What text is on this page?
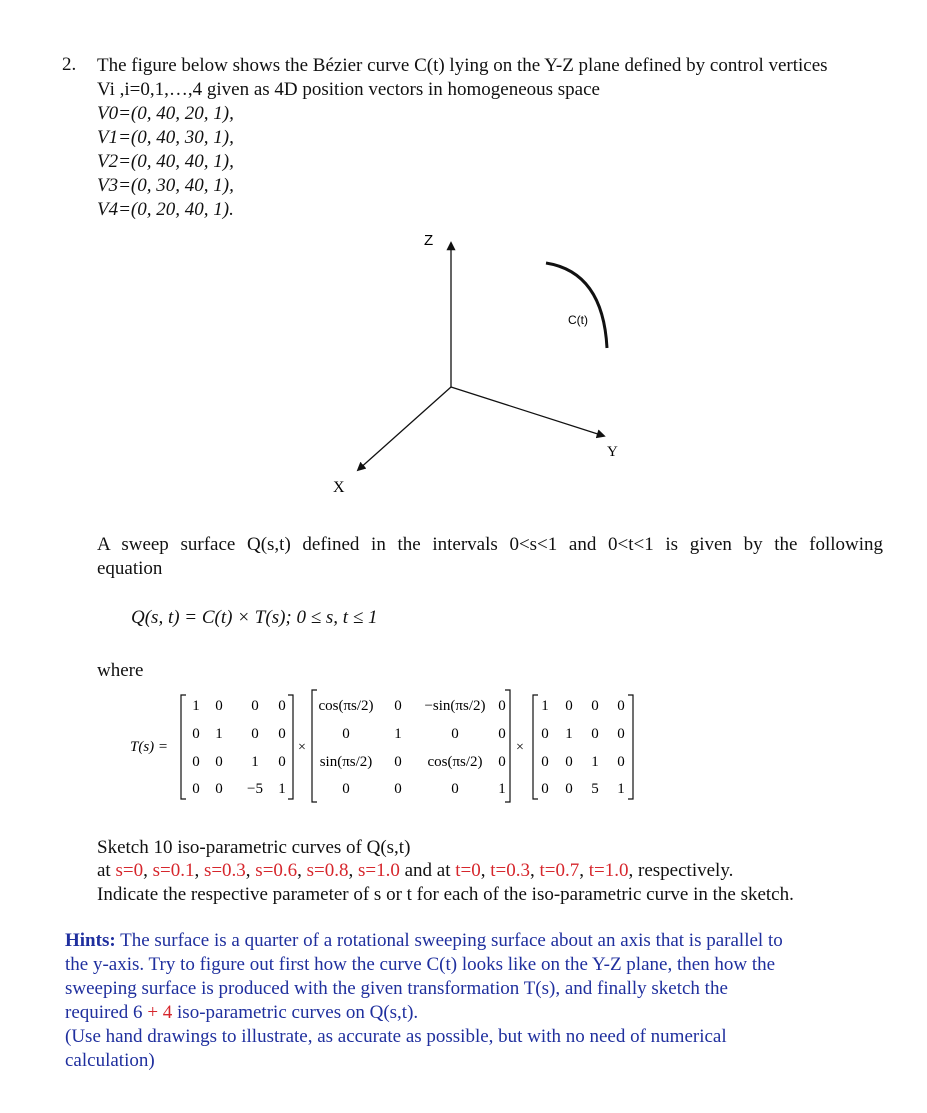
2. The figure below shows the Bézier curve C(t) lying on the Y-Z plane defined by control vertices
Vi ,i=0,1,…,4 given as 4D position vectors in homogeneous space
V0=(0, 40, 20, 1),
V1=(0, 40, 30, 1),
V2=(0, 40, 40, 1),
V3=(0, 30, 40, 1),
V4=(0, 20, 40, 1).
Z
Y
X
C(t)
A sweep surface Q(s,t) defined in the intervals 0<s<1 and 0<t<1 is given by the following
equation
Q(s, t) = C(t) × T(s); 0 ≤ s, t ≤ 1
where
T(s) =
1 0 0 0
0 1 0 0
0 0 1 0
0 0 −5 1
×
cos(πs/2) 0 −sin(πs/2) 0
0	1	0	0
sin(πs/2) 0 cos(πs/2) 0
0	0	0	1
×
1 0 0 0
0 1 0 0
0 0 1 0
0 0 5 1
Sketch 10 iso-parametric curves of Q(s,t)
at s=0, s=0.1, s=0.3, s=0.6, s=0.8, s=1.0 and at t=0, t=0.3, t=0.7, t=1.0, respectively.
Indicate the respective parameter of s or t for each of the iso-parametric curve in the sketch.
Hints: The surface is a quarter of a rotational sweeping surface about an axis that is parallel to
the y-axis. Try to figure out first how the curve C(t) looks like on the Y-Z plane, then how the
sweeping surface is produced with the given transformation T(s), and finally sketch the
required 6 + 4 iso-parametric curves on Q(s,t).
(Use hand drawings to illustrate, as accurate as possible, but with no need of numerical
calculation)
